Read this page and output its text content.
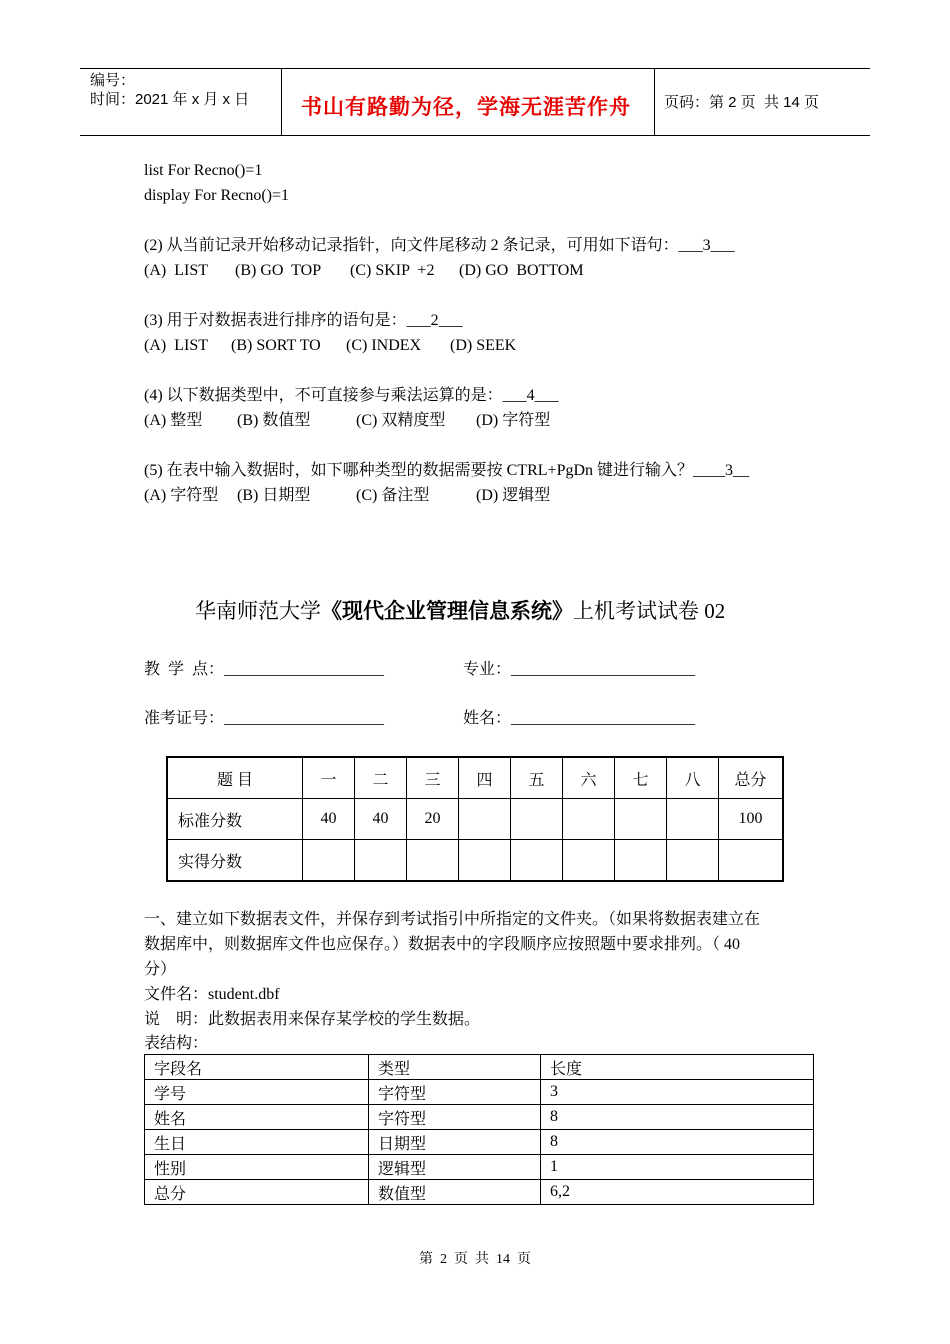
编号：
时间：2021 年 x 月 x 日 书山有路勤为径，学海无涯苦作舟 页码：第 2 页  共 14 页
list For Recno()=1
display For Recno()=1
(2) 从当前记录开始移动记录指针，向文件尾移动 2 条记录，可用如下语句：___3___
(A)  LIST (B) GO  TOP (C) SKIP  +2 (D) GO  BOTTOM
(3) 用于对数据表进行排序的语句是：___2___
(A)  LIST (B) SORT TO (C) INDEX (D) SEEK
(4) 以下数据类型中，不可直接参与乘法运算的是：___4___
(A) 整型 (B) 数值型	(C) 双精度型 (D) 字符型
(5) 在表中输入数据时，如下哪种类型的数据需要按 CTRL+PgDn 键进行输入？____3__
(A) 字符型 (B) 日期型	(C) 备注型	(D) 逻辑型
华南师范大学《现代企业管理信息系统》上机考试试卷 02
教  学  点：____________________	专业：_______________________
准考证号：____________________	姓名：_______________________
题 目	一	二	三	四	五	六	七	八	总分
标准分数	40	40	20						100
实得分数									
一、建立如下数据表文件，并保存到考试指引中所指定的文件夹。（如果将数据表建立在
数据库中，则数据库文件也应保存。）数据表中的字段顺序应按照题中要求排列。（ 40
分）
文件名：student.dbf
说    明：此数据表用来保存某学校的学生数据。
表结构：
字段名	类型	长度
学号	字符型	3
姓名	字符型	8
生日	日期型	8
性别	逻辑型	1
总分	数值型	6,2
第  2  页  共  14  页
